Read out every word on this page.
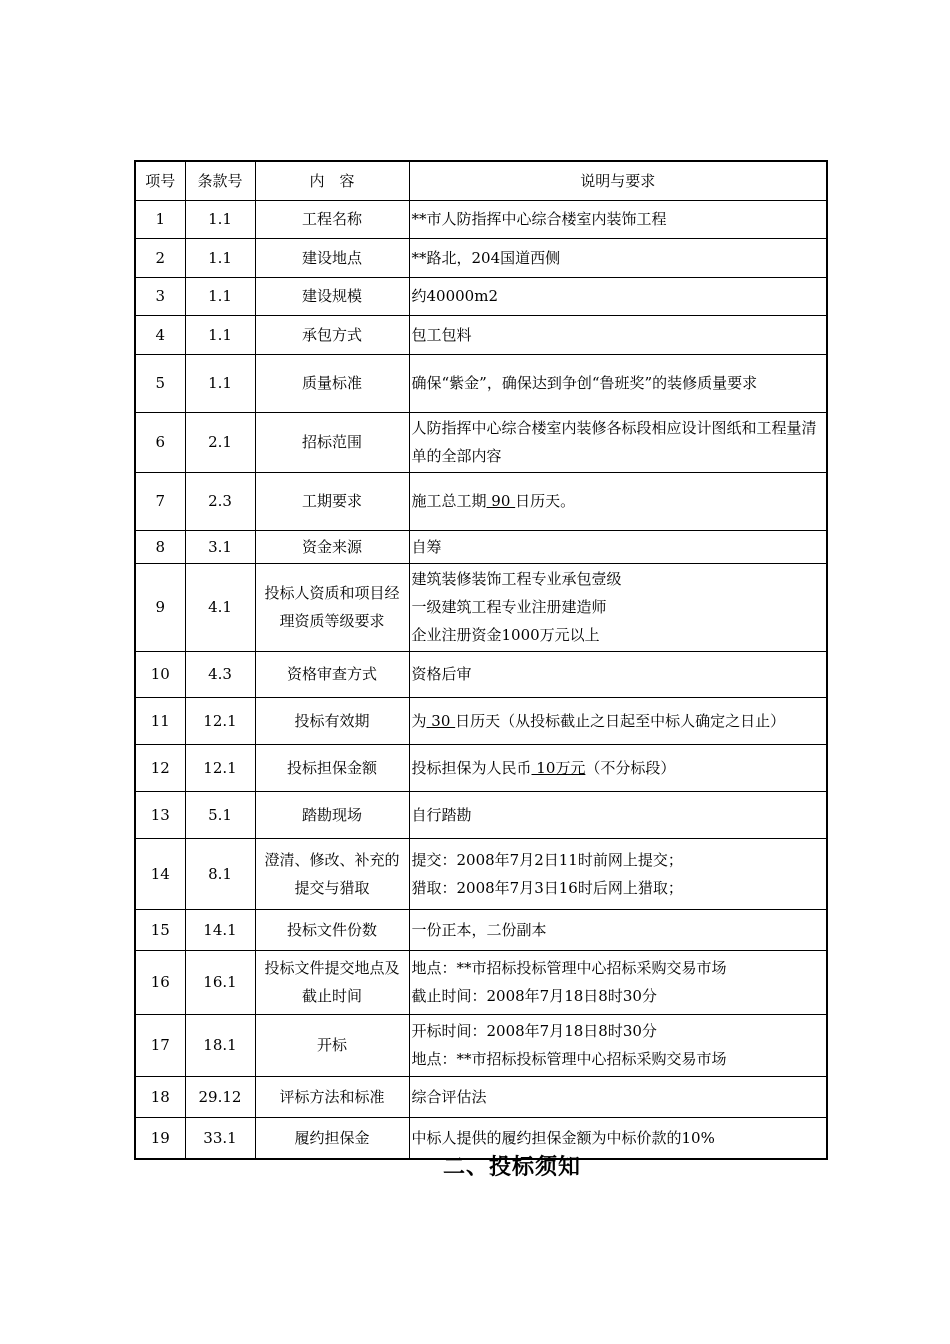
项号	条款号	内　容	说明与要求
1	1.1	工程名称	**市人防指挥中心综合楼室内装饰工程
2	1.1	建设地点	**路北，204国道西侧
3	1.1	建设规模	约40000m2
4	1.1	承包方式	包工包料
5	1.1	质量标准	确保“紫金”，确保达到争创“鲁班奖”的装修质量要求
6	2.1	招标范围	人防指挥中心综合楼室内装修各标段相应设计图纸和工程量清单的全部内容
7	2.3	工期要求	施工总工期 90 日历天。
8	3.1	资金来源	自筹
9	4.1	投标人资质和项目经理资质等级要求	建筑装修装饰工程专业承包壹级
一级建筑工程专业注册建造师
企业注册资金1000万元以上

10	4.3	资格审查方式	资格后审
11	12.1	投标有效期	为 30 日历天（从投标截止之日起至中标人确定之日止）
12	12.1	投标担保金额	投标担保为人民币 10万元（不分标段）
13	5.1	踏勘现场	自行踏勘
14	8.1	澄清、修改、补充的提交与猎取	提交：2008年7月2日11时前网上提交；
猎取：2008年7月3日16时后网上猎取；

15	14.1	投标文件份数	一份正本，二份副本
16	16.1	投标文件提交地点及截止时间	地点：**市招标投标管理中心招标采购交易市场
截止时间：2008年7月18日8时30分

17	18.1	开标	开标时间：2008年7月18日8时30分
地点：**市招标投标管理中心招标采购交易市场

18	29.12	评标方法和标准	综合评估法
19	33.1	履约担保金	中标人提供的履约担保金额为中标价款的10%
二、投标须知
